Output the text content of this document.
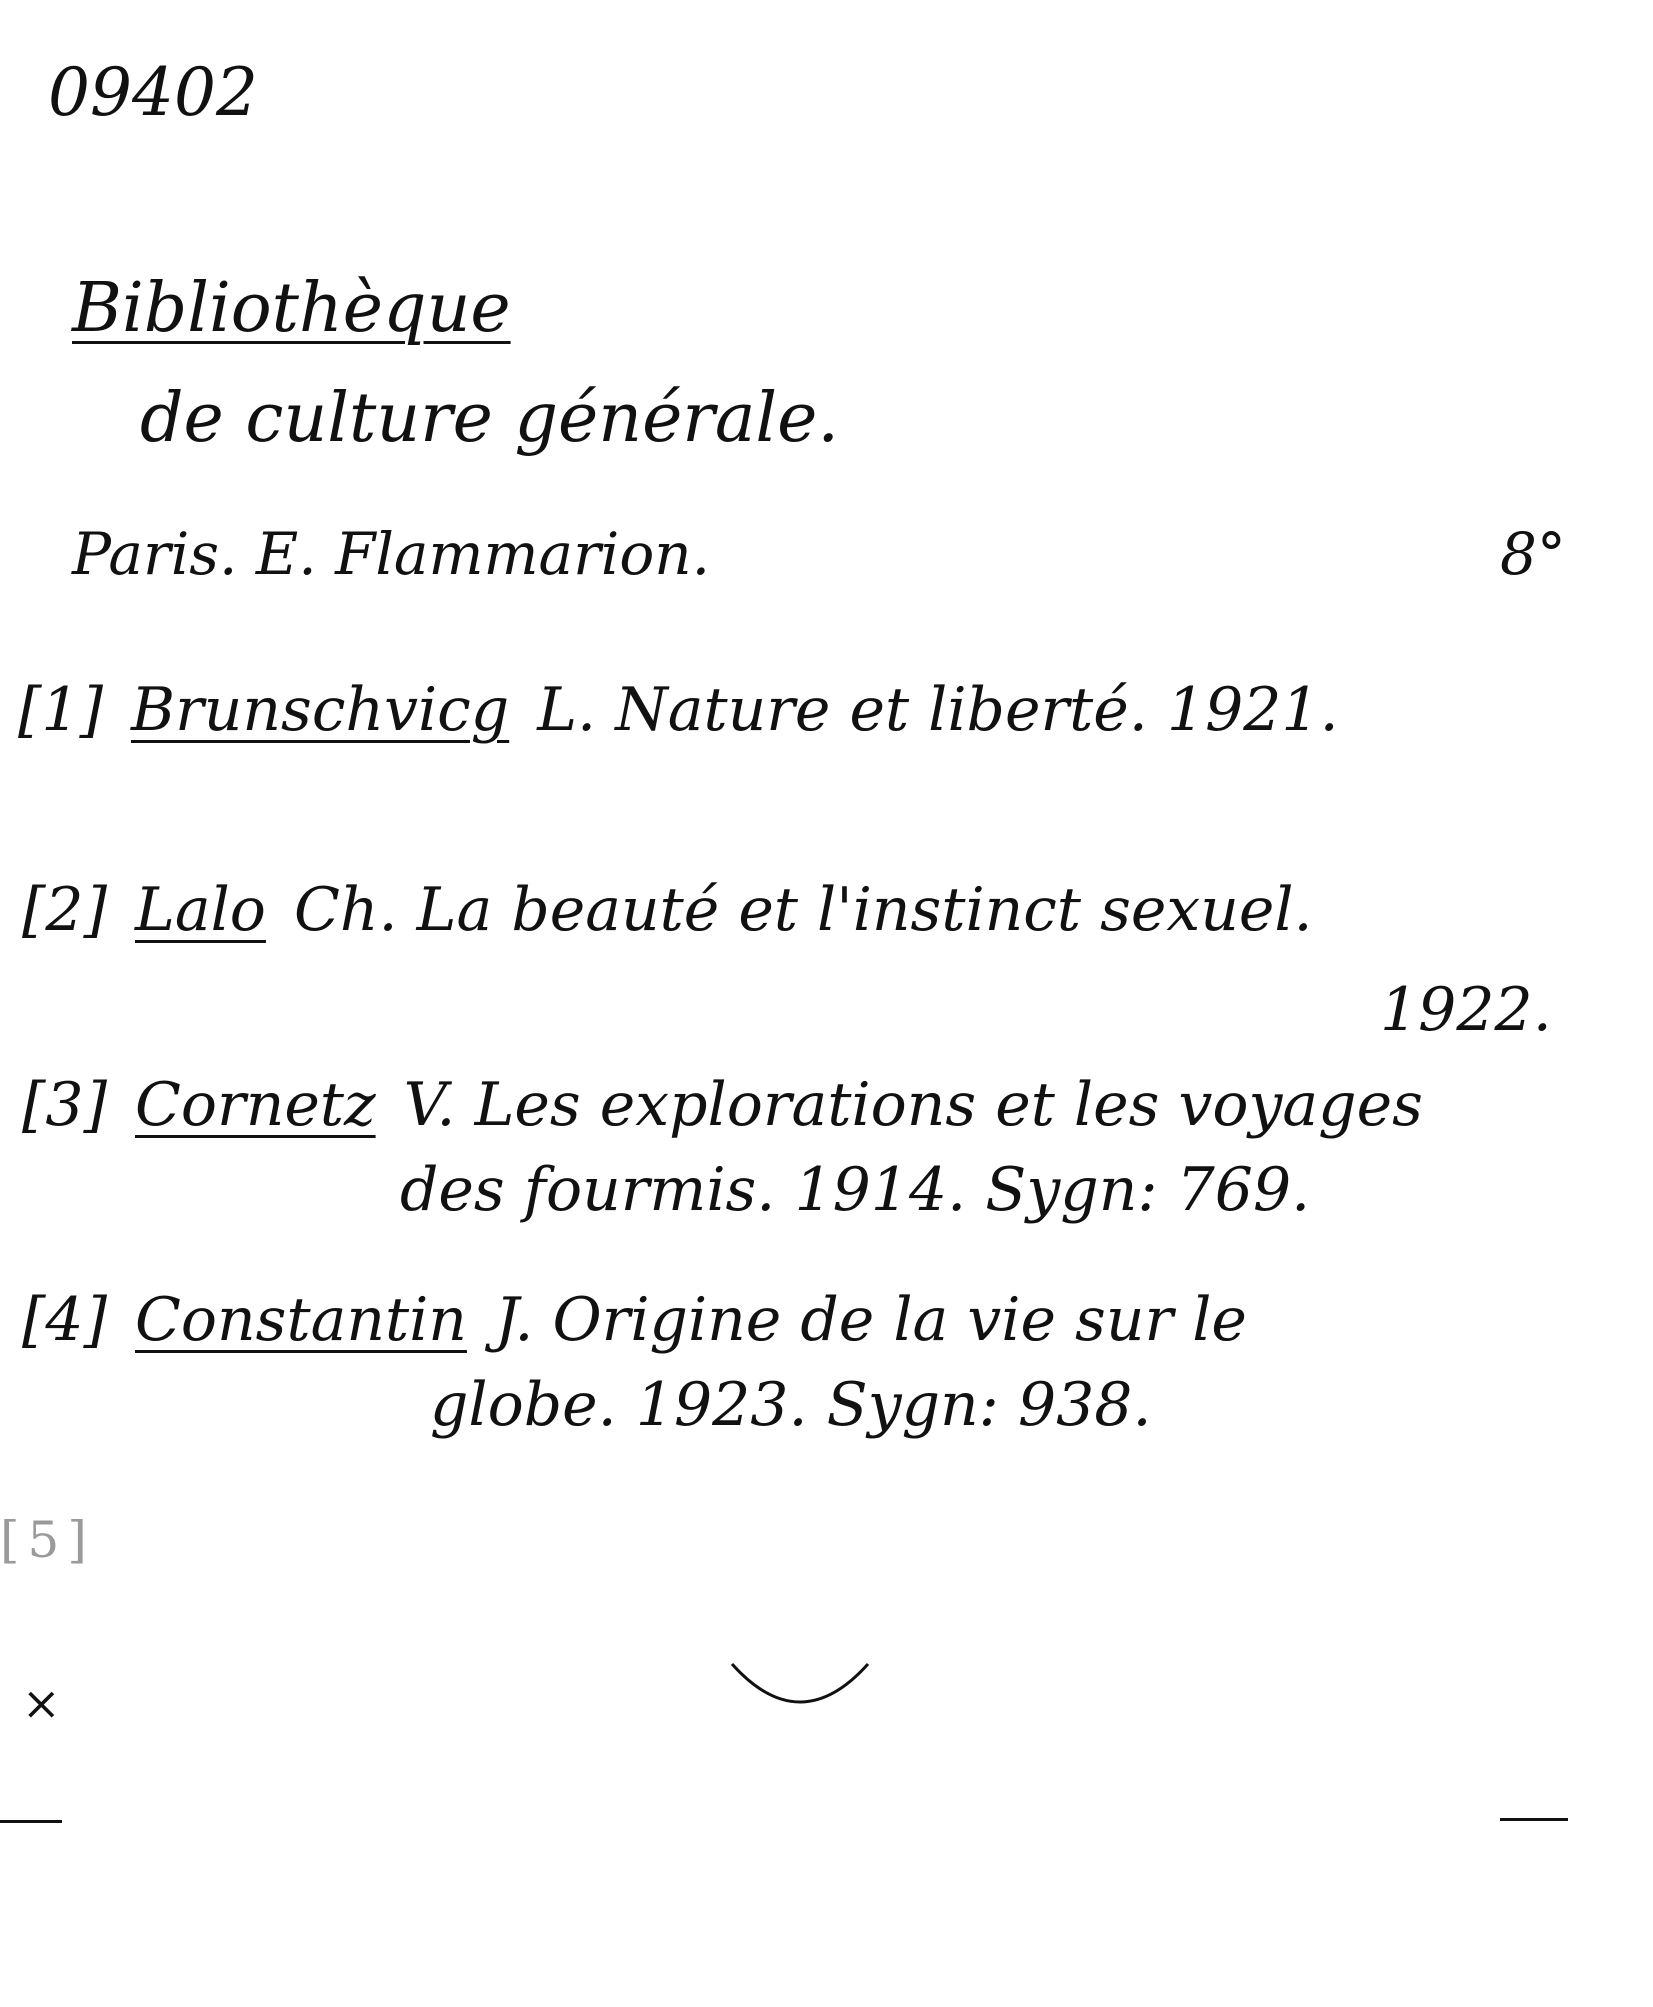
09402
Bibliothèque
de culture générale.
Paris. E. Flammarion.	8°
[1] Brunschvicg L. Nature et liberté. 1921.
[2] Lalo Ch. La beauté et l'instinct sexuel.
1922.
[3] Cornetz V. Les explorations et les voyages
des fourmis. 1914. Sygn: 769.
[4] Constantin J. Origine de la vie sur le
globe. 1923. Sygn: 938.
[5]
×
